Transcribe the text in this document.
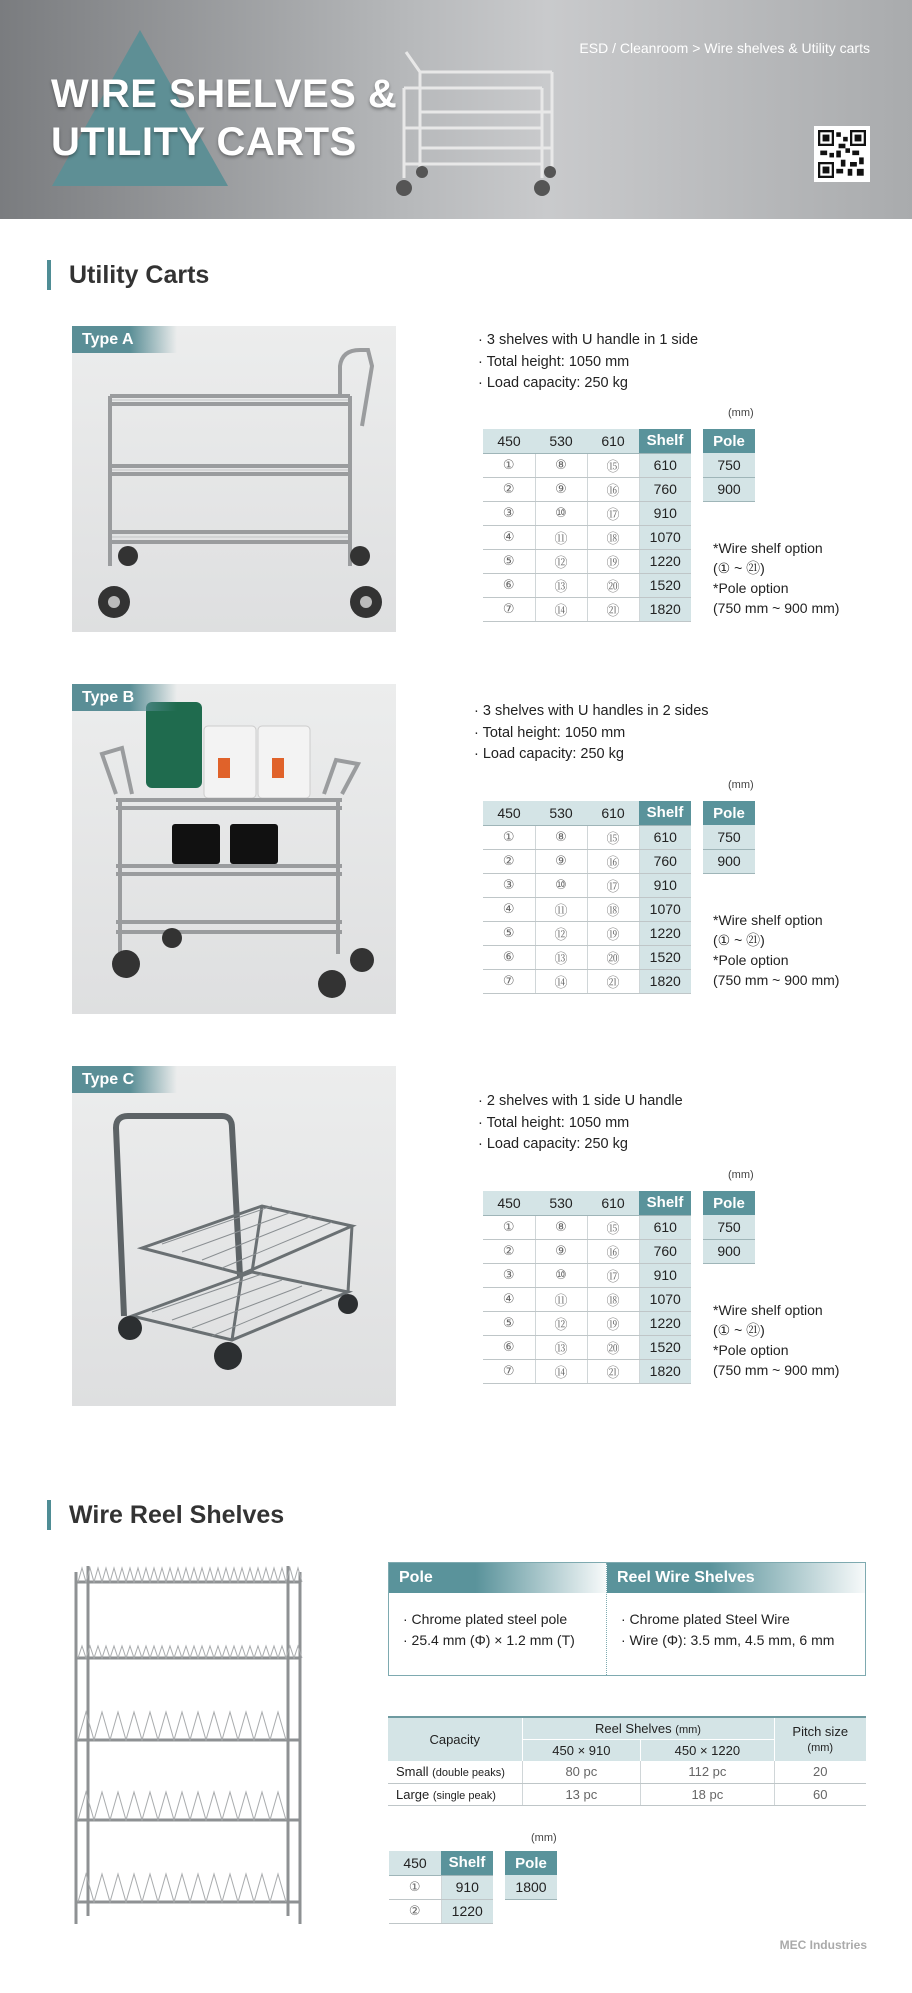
WIRE SHELVES &
UTILITY CARTS
ESD / Cleanroom > Wire shelves & Utility carts
Utility Carts
Type A	· 3 shelves with U handle in 1 side
· Total height: 1050 mm
· Load capacity: 250 kg
(mm)
450	530	610	Shelf
①	⑧	⑮	610
②	⑨	⑯	760
③	⑩	⑰	910
④	⑪	⑱	1070
⑤	⑫	⑲	1220
⑥	⑬	⑳	1520
⑦	⑭	㉑	1820
Pole
750
900
*Wire shelf option
(① ~ ㉑)
*Pole option
(750 mm ~ 900 mm)
Type B
· 3 shelves with U handles in 2 sides
· Total height: 1050 mm
· Load capacity: 250 kg
(mm)
450	530	610	Shelf
①	⑧	⑮	610
②	⑨	⑯	760
③	⑩	⑰	910
④	⑪	⑱	1070
⑤	⑫	⑲	1220
⑥	⑬	⑳	1520
⑦	⑭	㉑	1820
Pole
750
900
*Wire shelf option
(① ~ ㉑)
*Pole option
(750 mm ~ 900 mm)
Type C
· 2 shelves with 1 side U handle
· Total height: 1050 mm
· Load capacity: 250 kg
(mm)
450	530	610	Shelf
①	⑧	⑮	610
②	⑨	⑯	760
③	⑩	⑰	910
④	⑪	⑱	1070
⑤	⑫	⑲	1220
⑥	⑬	⑳	1520
⑦	⑭	㉑	1820
Pole
750
900
*Wire shelf option
(① ~ ㉑)
*Pole option
(750 mm ~ 900 mm)
Wire Reel Shelves
Pole
· Chrome plated steel pole
· 25.4 mm (Φ) × 1.2 mm (T)
Reel Wire Shelves
· Chrome plated Steel Wire
· Wire (Φ): 3.5 mm, 4.5 mm, 6 mm
Capacity	Reel Shelves (mm)		Pitch size
(mm)

	450 × 910	450 × 1220	
Small (double peaks)	80 pc	112 pc	20
Large (single peak)	13 pc	18 pc	60
(mm)
450	Shelf
①	910
②	1220
Pole
1800
MEC Industries
